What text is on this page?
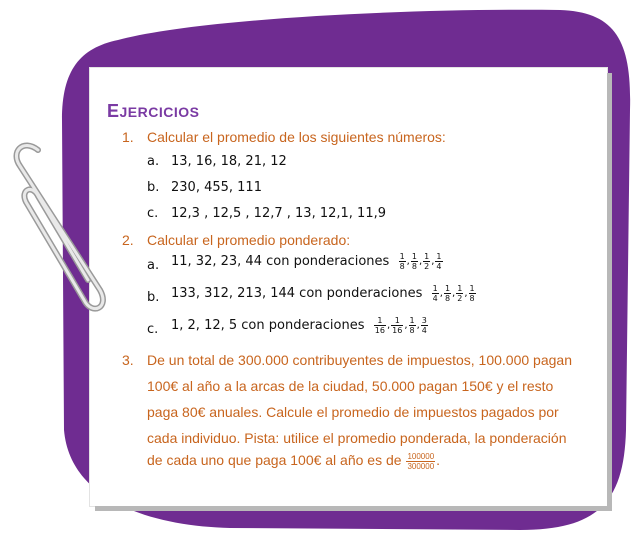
EJERCICIOS
1. Calcular el promedio de los siguientes números:
a. 13, 16, 18, 21, 12
b. 230, 455, 111
c. 12,3 , 12,5 , 12,7 , 13, 12,1, 11,9
2. Calcular el promedio ponderado:
a. 11, 32, 23, 44 con ponderaciones $\frac{1}{8}$ , $\frac{1}{8}$ , $\frac{1}{2}$ , $\frac{1}{4}$
b. 133, 312, 213, 144 con ponderaciones $\frac{1}{4}$ , $\frac{1}{8}$ , $\frac{1}{2}$ , $\frac{1}{8}$
c. 1, 2, 12, 5 con ponderaciones $\frac{1}{16}$ , $\frac{1}{16}$ , $\frac{1}{8}$ , $\frac{3}{4}$
3. De un total de 300.000 contribuyentes de impuestos, 100.000 pagan
100€ al año a la arcas de la ciudad, 50.000 pagan 150€ y el resto
paga 80€ anuales. Calcule el promedio de impuestos pagados por
cada individuo. Pista: utilice el promedio ponderada, la ponderación
de cada uno que paga 100€ al año es de $\frac{100000}{300000}$ .
